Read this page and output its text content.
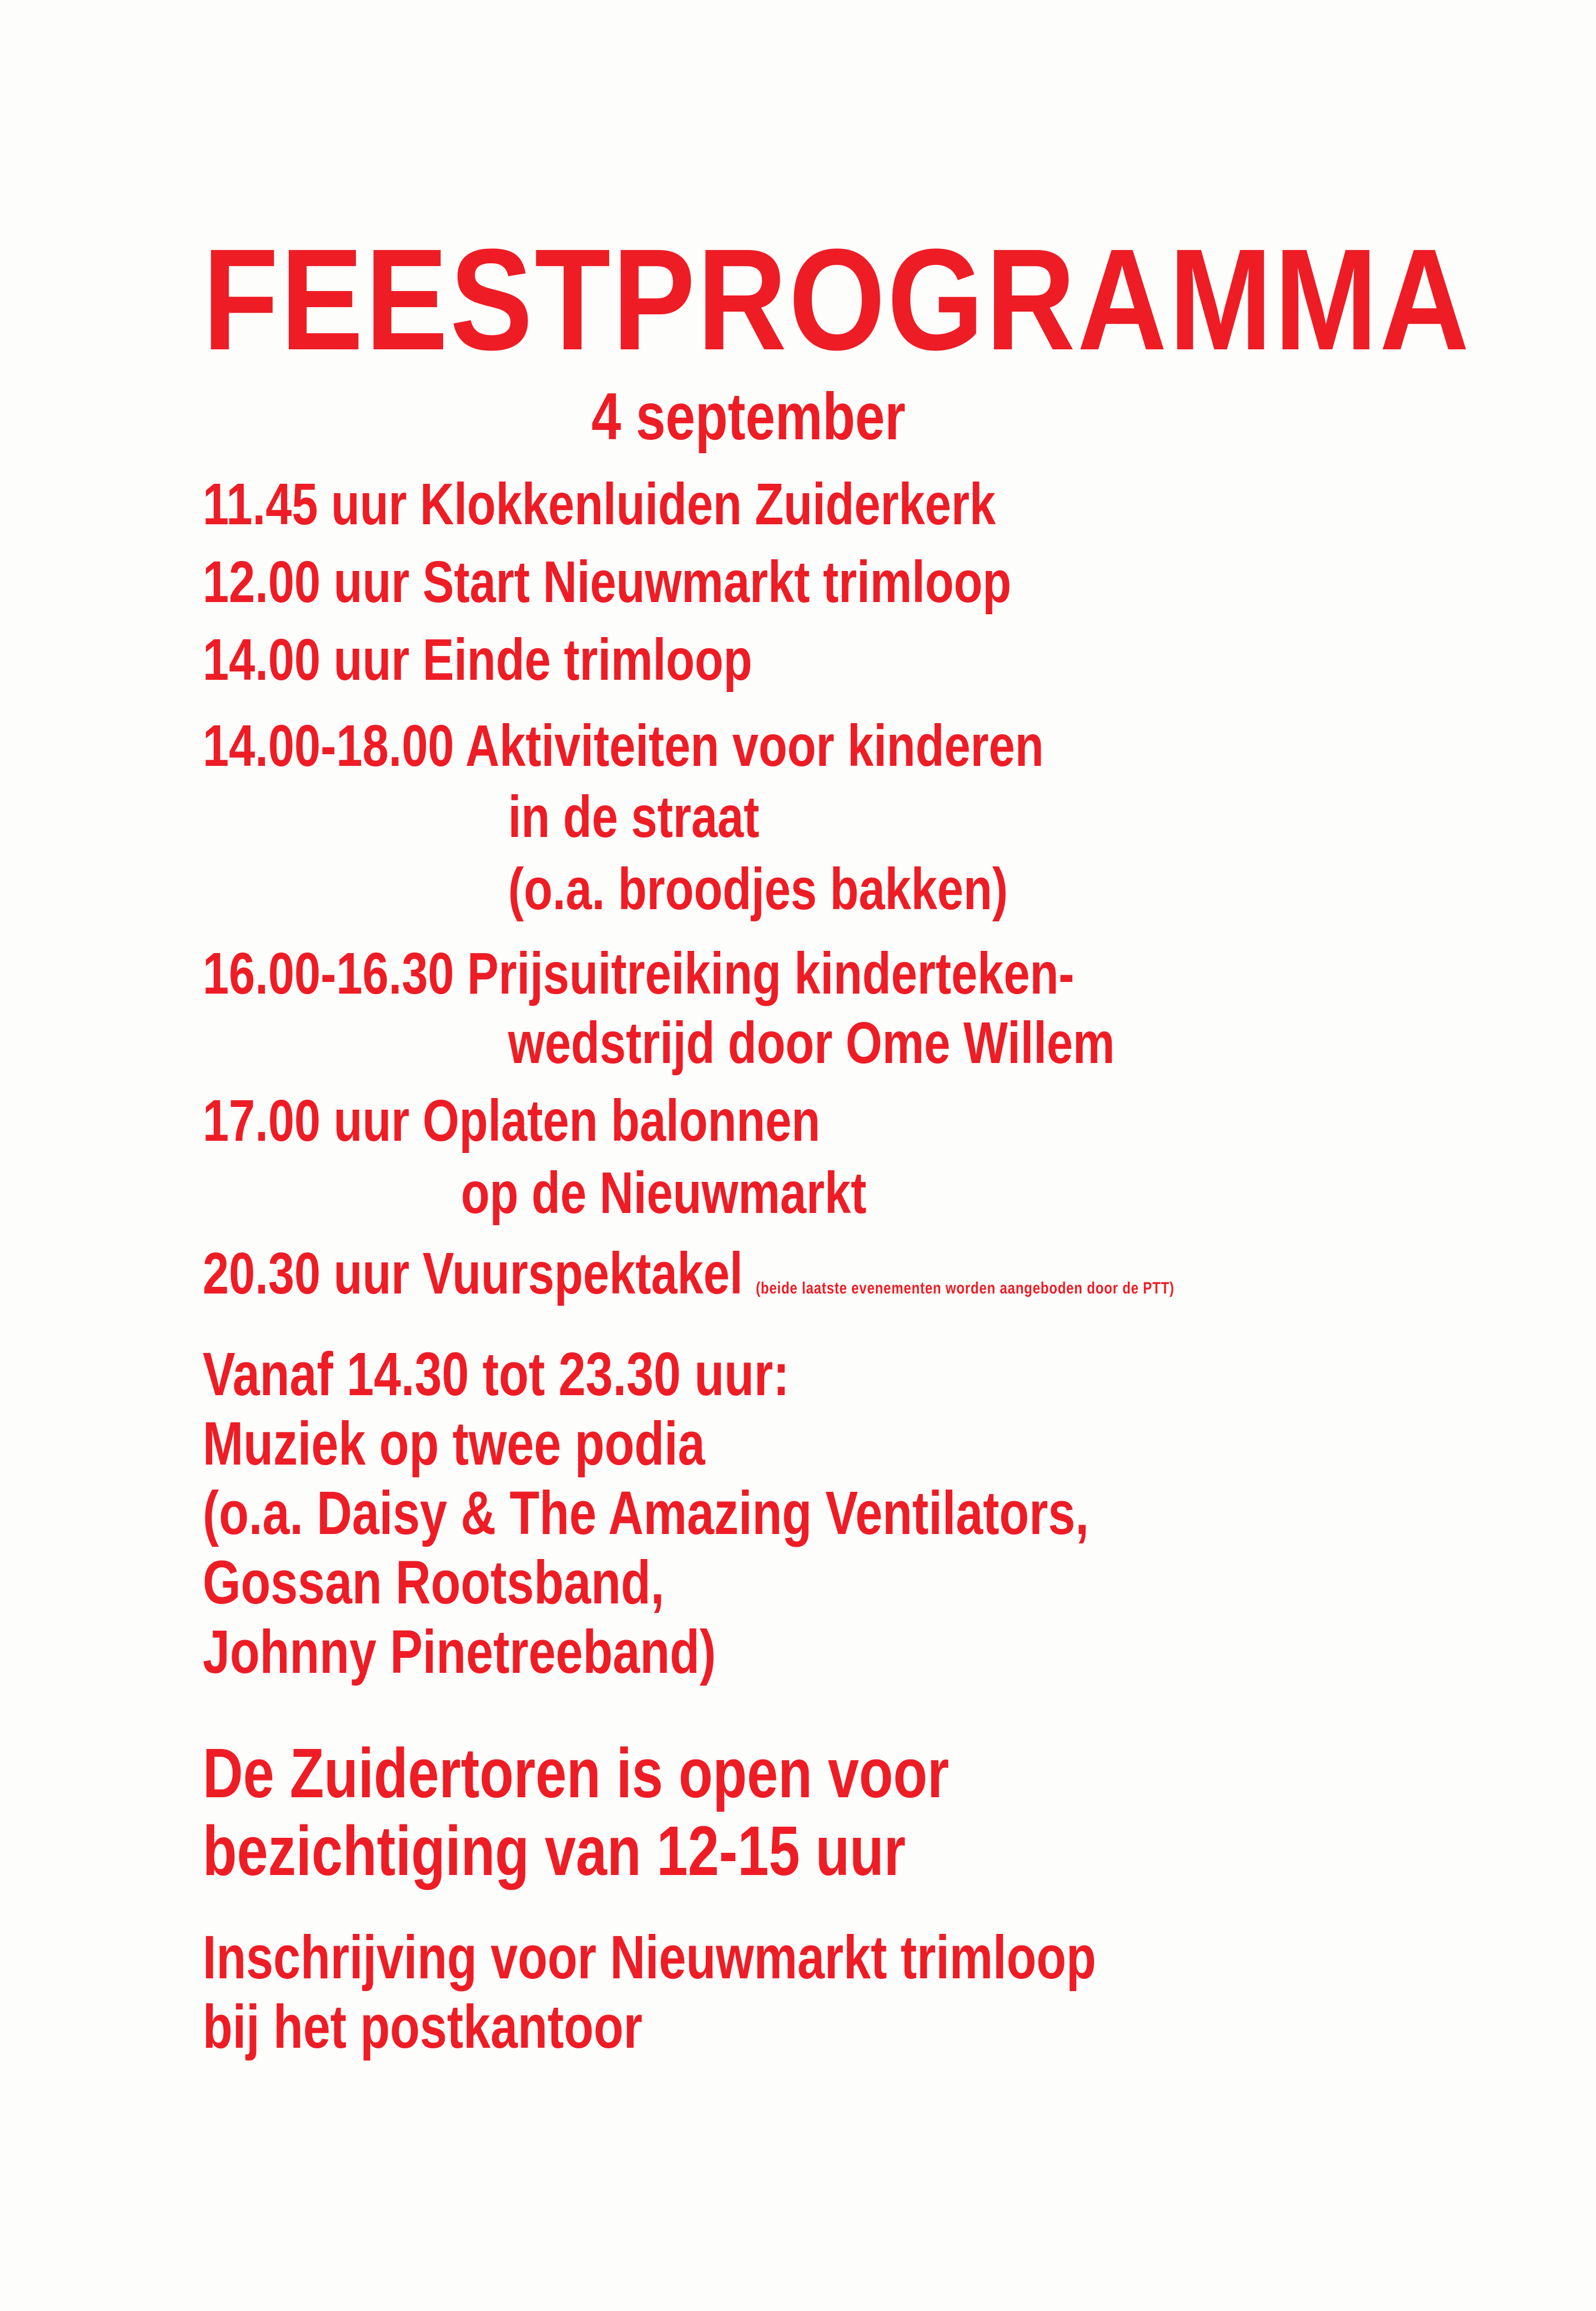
FEESTPROGRAMMA
4 september
11.45 uur Klokkenluiden Zuiderkerk
12.00 uur Start Nieuwmarkt trimloop
14.00 uur Einde trimloop
14.00-18.00 Aktiviteiten voor kinderen
in de straat
(o.a. broodjes bakken)
16.00-16.30 Prijsuitreiking kinderteken-
wedstrijd door Ome Willem
17.00 uur Oplaten balonnen
op de Nieuwmarkt
20.30 uur Vuurspektakel (beide laatste evenementen worden aangeboden door de PTT)
Vanaf 14.30 tot 23.30 uur:
Muziek op twee podia
(o.a. Daisy & The Amazing Ventilators,
Gossan Rootsband,
Johnny Pinetreeband)
De Zuidertoren is open voor
bezichtiging van 12-15 uur
Inschrijving voor Nieuwmarkt trimloop
bij het postkantoor
